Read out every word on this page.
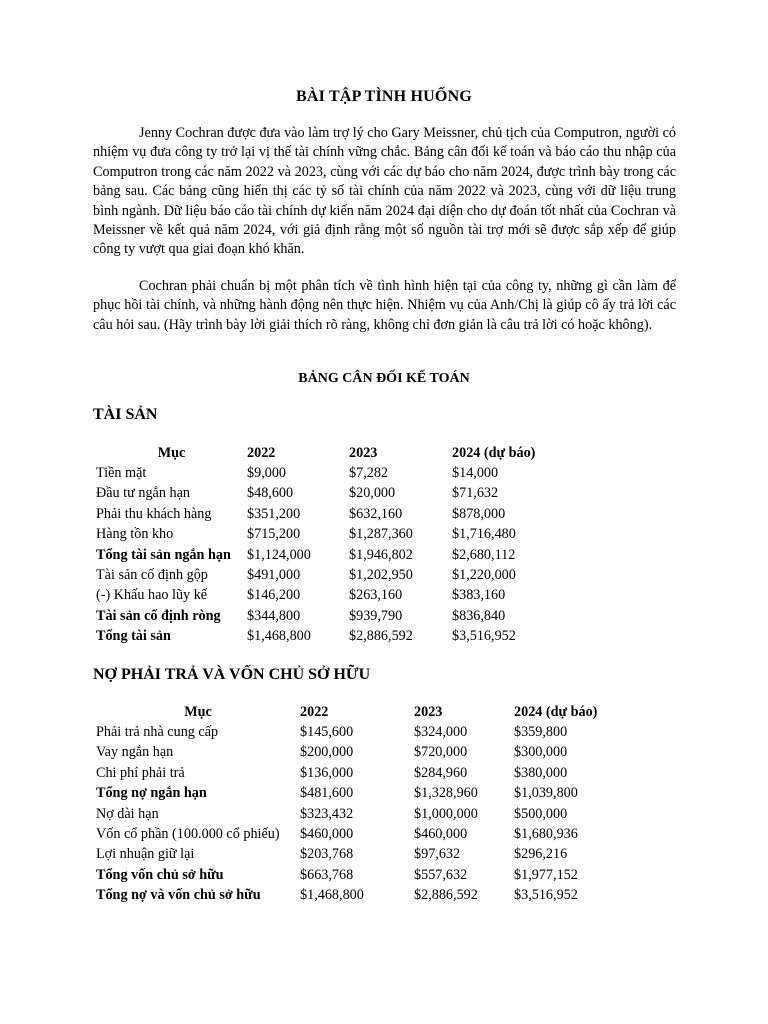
BÀI TẬP TÌNH HUỐNG

Jenny Cochran được đưa vào làm trợ lý cho Gary Meissner, chủ tịch của Computron, người có nhiệm vụ đưa công ty trở lại vị thế tài chính vững chắc. Bảng cân đối kế toán và báo cáo thu nhập của Computron trong các năm 2022 và 2023, cùng với các dự báo cho năm 2024, được trình bày trong các bảng sau. Các bảng cũng hiển thị các tỷ số tài chính của năm 2022 và 2023, cùng với dữ liệu trung bình ngành. Dữ liệu báo cáo tài chính dự kiến năm 2024 đại diện cho dự đoán tốt nhất của Cochran và Meissner về kết quả năm 2024, với giả định rằng một số nguồn tài trợ mới sẽ được sắp xếp để giúp công ty vượt qua giai đoạn khó khăn.

Cochran phải chuẩn bị một phân tích về tình hình hiện tại của công ty, những gì cần làm để phục hồi tài chính, và những hành động nên thực hiện. Nhiệm vụ của Anh/Chị là giúp cô ấy trả lời các câu hỏi sau. (Hãy trình bày lời giải thích rõ ràng, không chỉ đơn giản là câu trả lời có hoặc không).

BẢNG CÂN ĐỐI KẾ TOÁN
TÀI SẢN
Mục	2022	2023	2024 (dự báo)
Tiền mặt	$9,000	$7,282	$14,000
Đầu tư ngắn hạn	$48,600	$20,000	$71,632
Phải thu khách hàng	$351,200	$632,160	$878,000
Hàng tồn kho	$715,200	$1,287,360	$1,716,480
Tổng tài sản ngắn hạn	$1,124,000	$1,946,802	$2,680,112
Tài sản cố định gộp	$491,000	$1,202,950	$1,220,000
(-) Khấu hao lũy kế	$146,200	$263,160	$383,160
Tài sản cố định ròng	$344,800	$939,790	$836,840
Tổng tài sản	$1,468,800	$2,886,592	$3,516,952
NỢ PHẢI TRẢ VÀ VỐN CHỦ SỞ HỮU
Mục	2022	2023	2024 (dự báo)
Phải trả nhà cung cấp	$145,600	$324,000	$359,800
Vay ngắn hạn	$200,000	$720,000	$300,000
Chi phí phải trả	$136,000	$284,960	$380,000
Tổng nợ ngắn hạn	$481,600	$1,328,960	$1,039,800
Nợ dài hạn	$323,432	$1,000,000	$500,000
Vốn cổ phần (100.000 cổ phiếu)	$460,000	$460,000	$1,680,936
Lợi nhuận giữ lại	$203,768	$97,632	$296,216
Tổng vốn chủ sở hữu	$663,768	$557,632	$1,977,152
Tổng nợ và vốn chủ sở hữu	$1,468,800	$2,886,592	$3,516,952
